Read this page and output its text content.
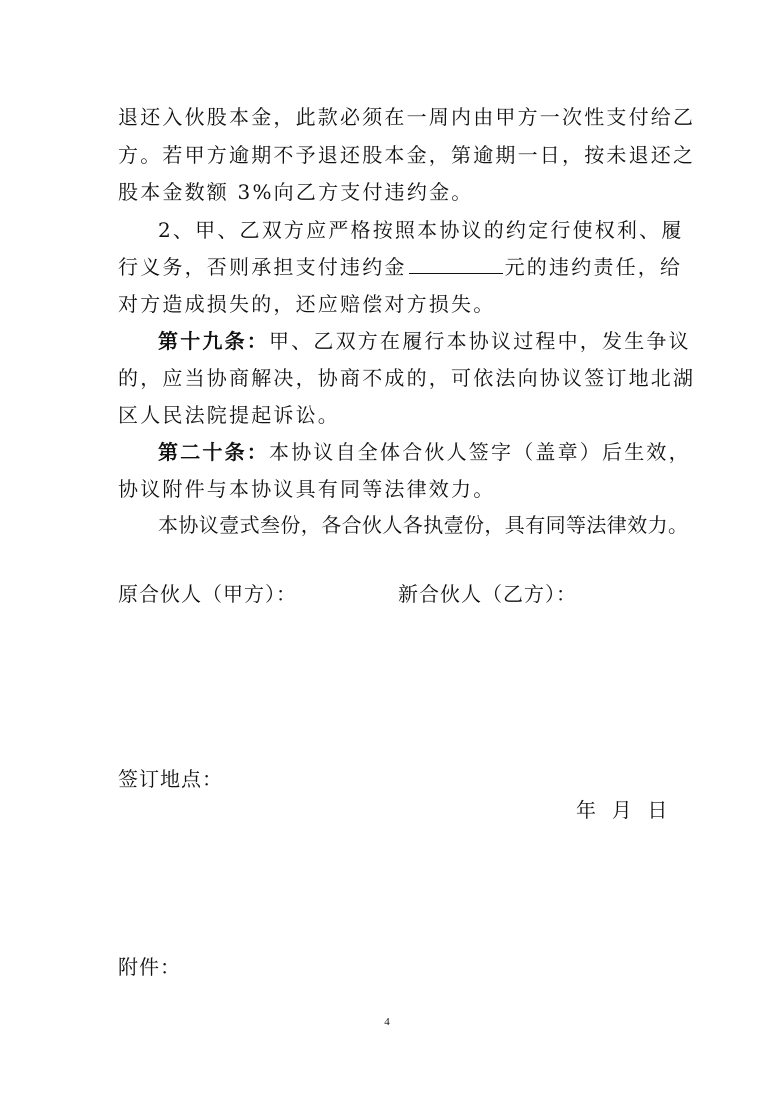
退还入伙股本金，此款必须在一周内由甲方一次性支付给乙
方。若甲方逾期不予退还股本金，第逾期一日，按未退还之
股本金数额 3%向乙方支付违约金。
2、甲、乙双方应严格按照本协议的约定行使权利、履
行义务，否则承担支付违约金	元的违约责任，给
对方造成损失的，还应赔偿对方损失。
第十九条：甲、乙双方在履行本协议过程中，发生争议
的，应当协商解决，协商不成的，可依法向协议签订地北湖
区人民法院提起诉讼。
第二十条：本协议自全体合伙人签字（盖章）后生效，
协议附件与本协议具有同等法律效力。
本协议壹式叁份，各合伙人各执壹份，具有同等法律效力。
原合伙人（甲方）：	新合伙人（乙方）：
签订地点：
年  月  日
附件：
4
